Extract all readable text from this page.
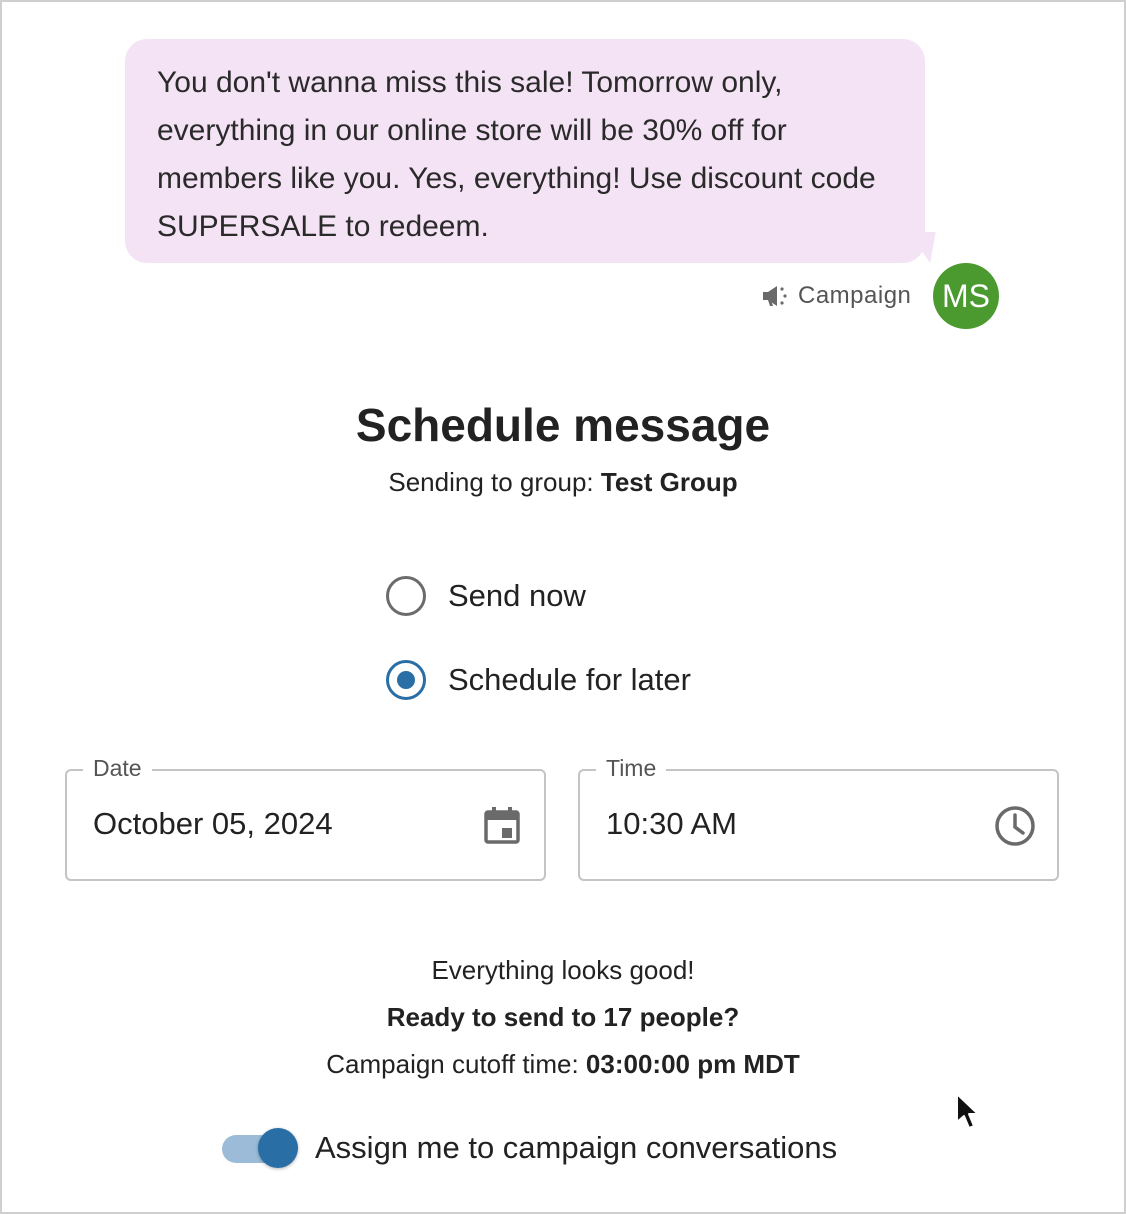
You don't wanna miss this sale! Tomorrow only, everything in our online store will be 30% off for members like you. Yes, everything! Use discount code SUPERSALE to redeem.
Campaign MS
Schedule message
Sending to group: Test Group
Send now
Schedule for later
Date
October 05, 2024	Time
10:30 AM
Everything looks good!
Ready to send to 17 people?
Campaign cutoff time: 03:00:00 pm MDT
Assign me to campaign conversations
